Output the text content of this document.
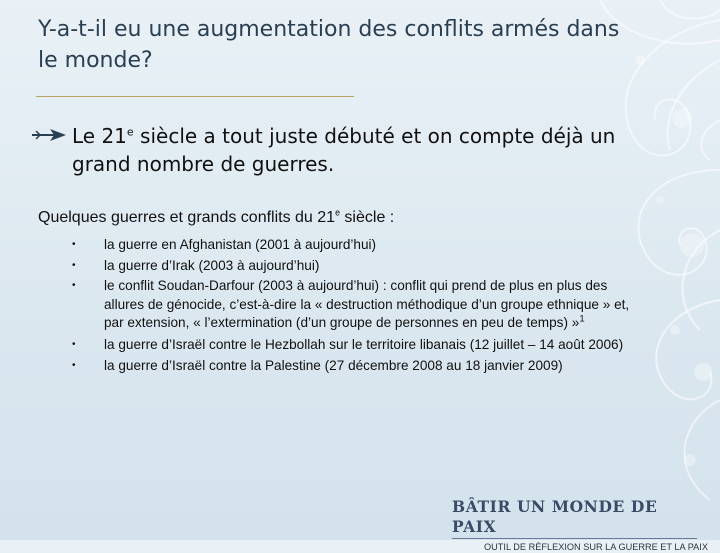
Y-a-t-il eu une augmentation des conflits armés dans le monde?

Le 21e siècle a tout juste débuté et on compte déjà un grand nombre de guerres.

Quelques guerres et grands conflits du 21e siècle :
• la guerre en Afghanistan (2001 à aujourd’hui)
• la guerre d’Irak (2003 à aujourd’hui)
• le conflit Soudan-Darfour (2003 à aujourd’hui) : conflit qui prend de plus en plus des allures de génocide, c’est-à-dire la « destruction méthodique d’un groupe ethnique » et, par extension, « l’extermination (d’un groupe de personnes en peu de temps) »$^1$
• la guerre d’Israël contre le Hezbollah sur le territoire libanais (12 juillet – 14 août 2006)
• la guerre d’Israël contre la Palestine (27 décembre 2008 au 18 janvier 2009)
BÂTIR UN MONDE DE PAIX
OUTIL DE RÉFLEXION SUR LA GUERRE ET LA PAIX
